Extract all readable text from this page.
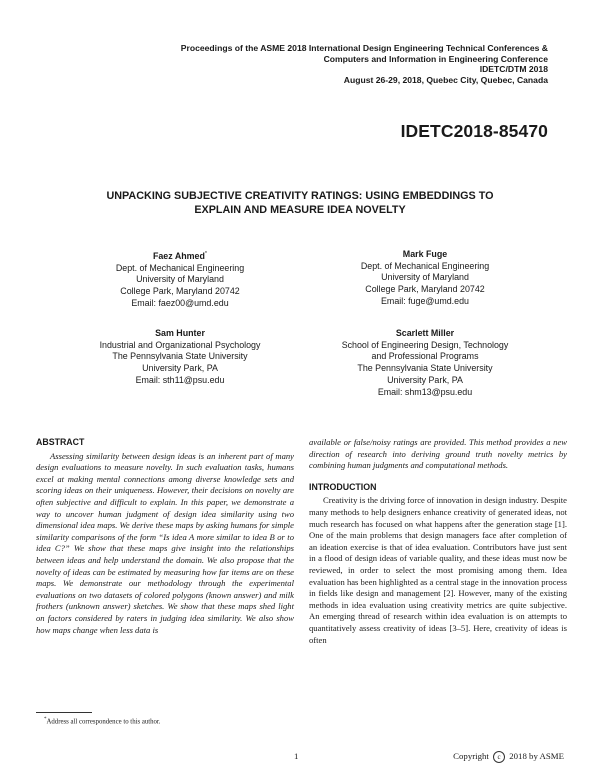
Proceedings of the ASME 2018 International Design Engineering Technical Conferences &
Computers and Information in Engineering Conference
IDETC/DTM 2018
August 26-29, 2018, Quebec City, Quebec, Canada
IDETC2018-85470
UNPACKING SUBJECTIVE CREATIVITY RATINGS: USING EMBEDDINGS TO
EXPLAIN AND MEASURE IDEA NOVELTY
Faez Ahmed*
Dept. of Mechanical Engineering
University of Maryland
College Park, Maryland 20742
Email: faez00@umd.edu
Mark Fuge
Dept. of Mechanical Engineering
University of Maryland
College Park, Maryland 20742
Email: fuge@umd.edu
Sam Hunter
Industrial and Organizational Psychology
The Pennsylvania State University
University Park, PA
Email: sth11@psu.edu
Scarlett Miller
School of Engineering Design, Technology
and Professional Programs
The Pennsylvania State University
University Park, PA
Email: shm13@psu.edu
ABSTRACT

Assessing similarity between design ideas is an inherent part of many design evaluations to measure novelty. In such evaluation tasks, humans excel at making mental connections among diverse knowledge sets and scoring ideas on their uniqueness. However, their decisions on novelty are often subjective and difficult to explain. In this paper, we demonstrate a way to uncover human judgment of design idea similarity using two dimensional idea maps. We derive these maps by asking humans for simple similarity comparisons of the form “Is idea A more similar to idea B or to idea C?” We show that these maps give insight into the relationships between ideas and help understand the domain. We also propose that the novelty of ideas can be estimated by measuring how far items are on these maps. We demonstrate our methodology through the experimental evaluations on two datasets of colored polygons (known answer) and milk frothers (unknown answer) sketches. We show that these maps shed light on factors considered by raters in judging idea similarity. We also show how maps change when less data is

available or false/noisy ratings are provided. This method provides a new direction of research into deriving ground truth novelty metrics by combining human judgments and computational methods.

INTRODUCTION

Creativity is the driving force of innovation in design industry. Despite many methods to help designers enhance creativity of generated ideas, not much research has focused on what happens after the generation stage [1]. One of the main problems that design managers face after completion of an ideation exercise is that of idea evaluation. Contributors have just sent in a flood of design ideas of variable quality, and these ideas must now be reviewed, in order to select the most promising among them. Idea evaluation has been highlighted as a central stage in the innovation process in fields like design and management [2]. However, many of the existing methods in idea evaluation using creativity metrics are quite subjective. An emerging thread of research within idea evaluation is on attempts to quantitatively assess creativity of ideas [3–5]. Here, creativity of ideas is often

*Address all correspondence to this author.
1	Copyright c 2018 by ASME
